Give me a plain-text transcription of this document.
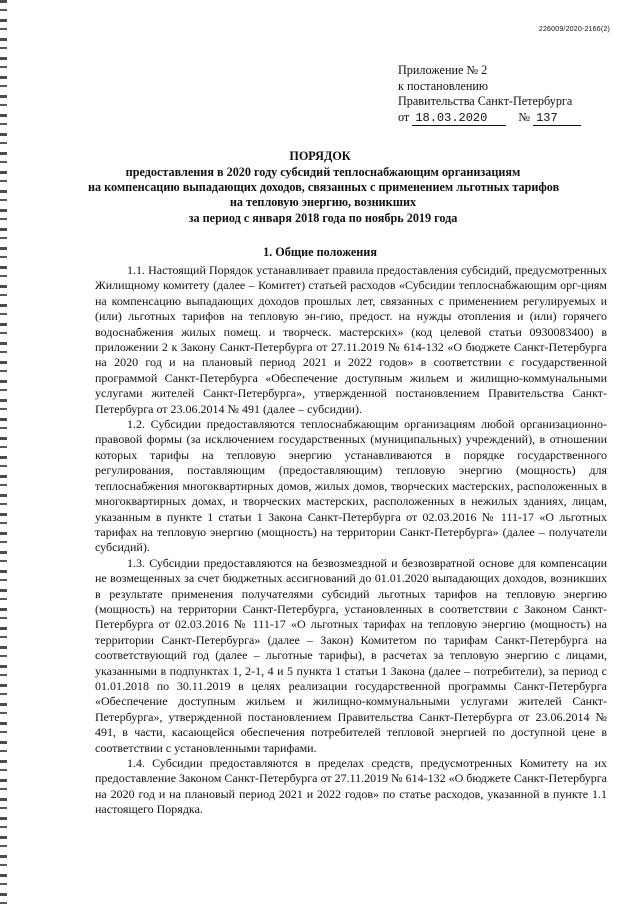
226009/2020-2166(2)
Приложение № 2
к постановлению
Правительства Санкт-Петербурга
от 18.03.2020	№ 137
ПОРЯДОК
предоставления в 2020 году субсидий теплоснабжающим организациям
на компенсацию выпадающих доходов, связанных с применением льготных тарифов
на тепловую энергию, возникших
за период с января 2018 года по ноябрь 2019 года
1. Общие положения

1.1. Настоящий Порядок устанавливает правила предоставления субсидий, предусмотренных Жилищному комитету (далее – Комитет) статьей расходов «Субсидии теплоснабжающим орг-циям на компенсацию выпадающих доходов прошлых лет, связанных с применением регулируемых и (или) льготных тарифов на тепловую эн-гию, предост. на нужды отопления и (или) горячего водоснабжения жилых помещ. и творческ. мастерских» (код целевой статьи 0930083400) в приложении 2 к Закону Санкт-Петербурга от 27.11.2019 № 614-132 «О бюджете Санкт-Петербурга на 2020 год и на плановый период 2021 и 2022 годов» в соответствии с государственной программой Санкт-Петербурга «Обеспечение доступным жильем и жилищно-коммунальными услугами жителей Санкт-Петербурга», утвержденной постановлением Правительства Санкт-Петербурга от 23.06.2014 № 491 (далее – субсидии).

1.2. Субсидии предоставляются теплоснабжающим организациям любой организационно-правовой формы (за исключением государственных (муниципальных) учреждений), в отношении которых тарифы на тепловую энергию устанавливаются в порядке государственного регулирования, поставляющим (предоставляющим) тепловую энергию (мощность) для теплоснабжения многоквартирных домов, жилых домов, творческих мастерских, расположенных в многоквартирных домах, и творческих мастерских, расположенных в нежилых зданиях, лицам, указанным в пункте 1 статьи 1 Закона Санкт-Петербурга от 02.03.2016 № 111-17 «О льготных тарифах на тепловую энергию (мощность) на территории Санкт-Петербурга» (далее – получатели субсидий).

1.3. Субсидии предоставляются на безвозмездной и безвозвратной основе для компенсации не возмещенных за счет бюджетных ассигнований до 01.01.2020 выпадающих доходов, возникших в результате применения получателями субсидий льготных тарифов на тепловую энергию (мощность) на территории Санкт-Петербурга, установленных в соответствии с Законом Санкт-Петербурга от 02.03.2016 № 111-17 «О льготных тарифах на тепловую энергию (мощность) на территории Санкт-Петербурга» (далее – Закон) Комитетом по тарифам Санкт-Петербурга на соответствующий год (далее – льготные тарифы), в расчетах за тепловую энергию с лицами, указанными в подпунктах 1, 2-1, 4 и 5 пункта 1 статьи 1 Закона (далее – потребители), за период с 01.01.2018 по 30.11.2019 в целях реализации государственной программы Санкт-Петербурга «Обеспечение доступным жильем и жилищно-коммунальными услугами жителей Санкт-Петербурга», утвержденной постановлением Правительства Санкт-Петербурга от 23.06.2014 № 491, в части, касающейся обеспечения потребителей тепловой энергией по доступной цене в соответствии с установленными тарифами.

1.4. Субсидии предоставляются в пределах средств, предусмотренных Комитету на их предоставление Законом Санкт-Петербурга от 27.11.2019 № 614-132 «О бюджете Санкт-Петербурга на 2020 год и на плановый период 2021 и 2022 годов» по статье расходов, указанной в пункте 1.1 настоящего Порядка.
